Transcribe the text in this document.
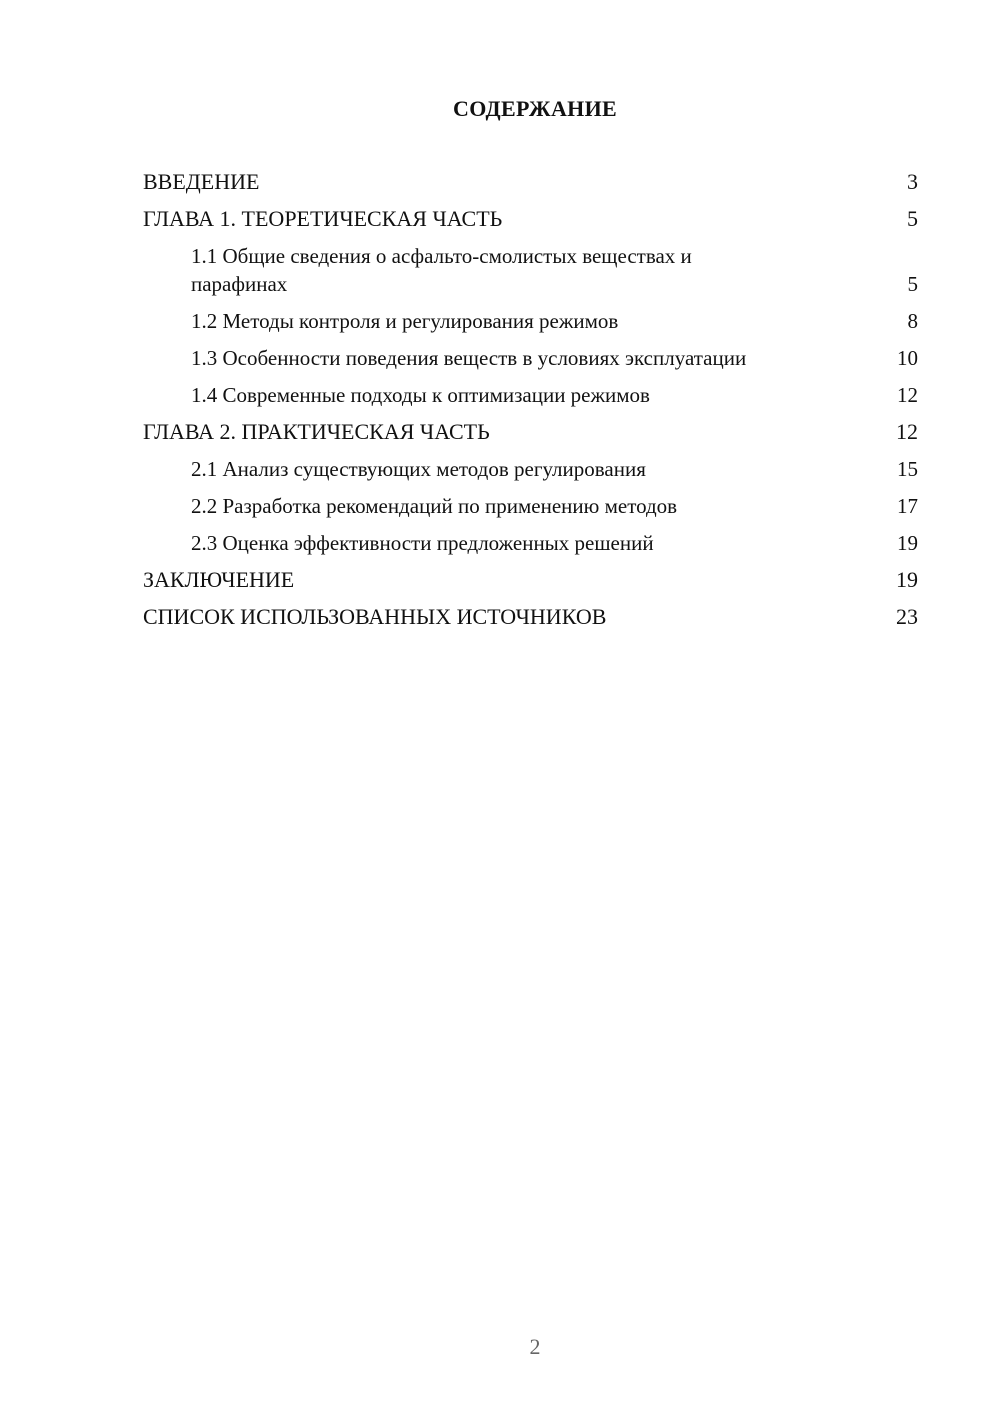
СОДЕРЖАНИЕ
ВВЕДЕНИЕ	3
ГЛАВА 1. ТЕОРЕТИЧЕСКАЯ ЧАСТЬ	5
1.1 Общие сведения о асфальто-смолистых веществах и парафинах	5
1.2 Методы контроля и регулирования режимов	8
1.3 Особенности поведения веществ в условиях эксплуатации	10
1.4 Современные подходы к оптимизации режимов	12
ГЛАВА 2. ПРАКТИЧЕСКАЯ ЧАСТЬ	12
2.1 Анализ существующих методов регулирования	15
2.2 Разработка рекомендаций по применению методов	17
2.3 Оценка эффективности предложенных решений	19
ЗАКЛЮЧЕНИЕ	19
СПИСОК ИСПОЛЬЗОВАННЫХ ИСТОЧНИКОВ	23
2
